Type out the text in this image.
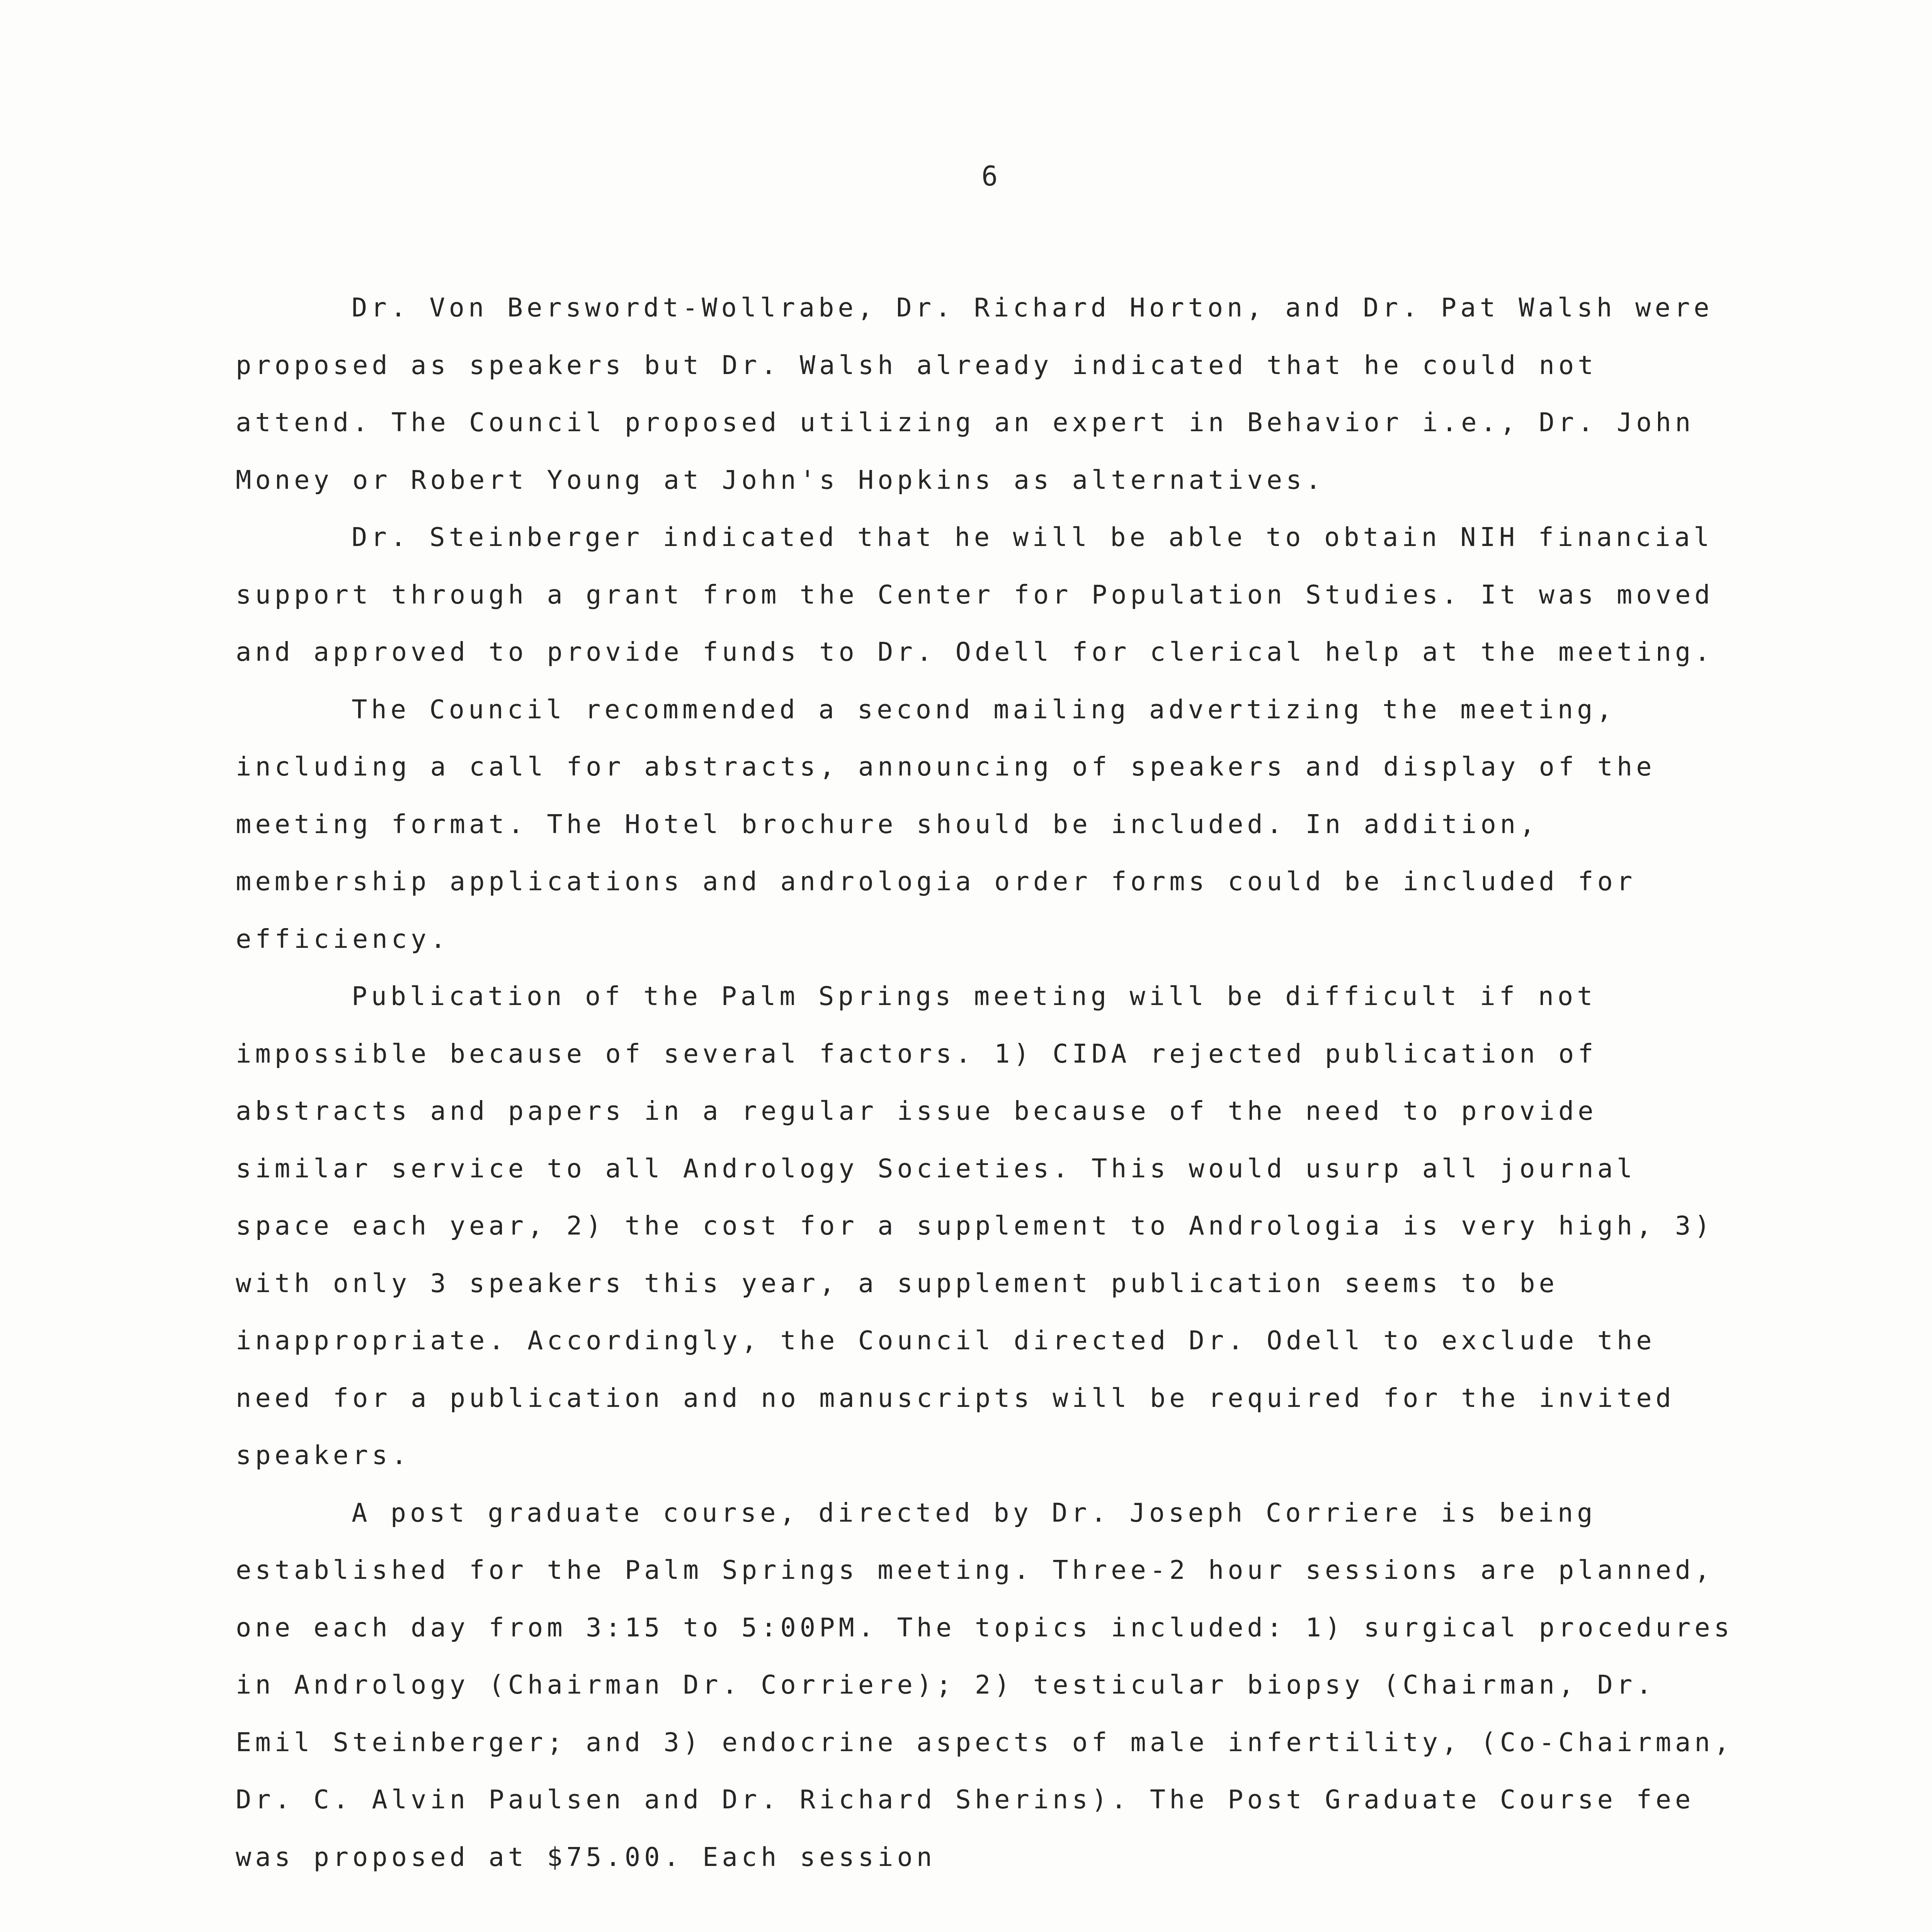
6

Dr. Von Berswordt-Wollrabe, Dr. Richard Horton, and Dr. Pat Walsh were proposed as speakers but Dr. Walsh already indicated that he could not attend. The Council proposed utilizing an expert in Behavior i.e., Dr. John Money or Robert Young at John's Hopkins as alternatives.

Dr. Steinberger indicated that he will be able to obtain NIH financial support through a grant from the Center for Population Studies. It was moved and approved to provide funds to Dr. Odell for clerical help at the meeting.

The Council recommended a second mailing advertizing the meeting, including a call for abstracts, announcing of speakers and display of the meeting format. The Hotel brochure should be included. In addition, membership applications and andrologia order forms could be included for efficiency.

Publication of the Palm Springs meeting will be difficult if not impossible because of several factors. 1) CIDA rejected publication of abstracts and papers in a regular issue because of the need to provide similar service to all Andrology Societies. This would usurp all journal space each year, 2) the cost for a supplement to Andrologia is very high, 3) with only 3 speakers this year, a supplement publication seems to be inappropriate. Accordingly, the Council directed Dr. Odell to exclude the need for a publication and no manuscripts will be required for the invited speakers.

A post graduate course, directed by Dr. Joseph Corriere is being established for the Palm Springs meeting. Three-2 hour sessions are planned, one each day from 3:15 to 5:00PM. The topics included: 1) surgical procedures in Andrology (Chairman Dr. Corriere); 2) testicular biopsy (Chairman, Dr. Emil Steinberger; and 3) endocrine aspects of male infertility, (Co-Chairman, Dr. C. Alvin Paulsen and Dr. Richard Sherins). The Post Graduate Course fee was proposed at $75.00. Each session
